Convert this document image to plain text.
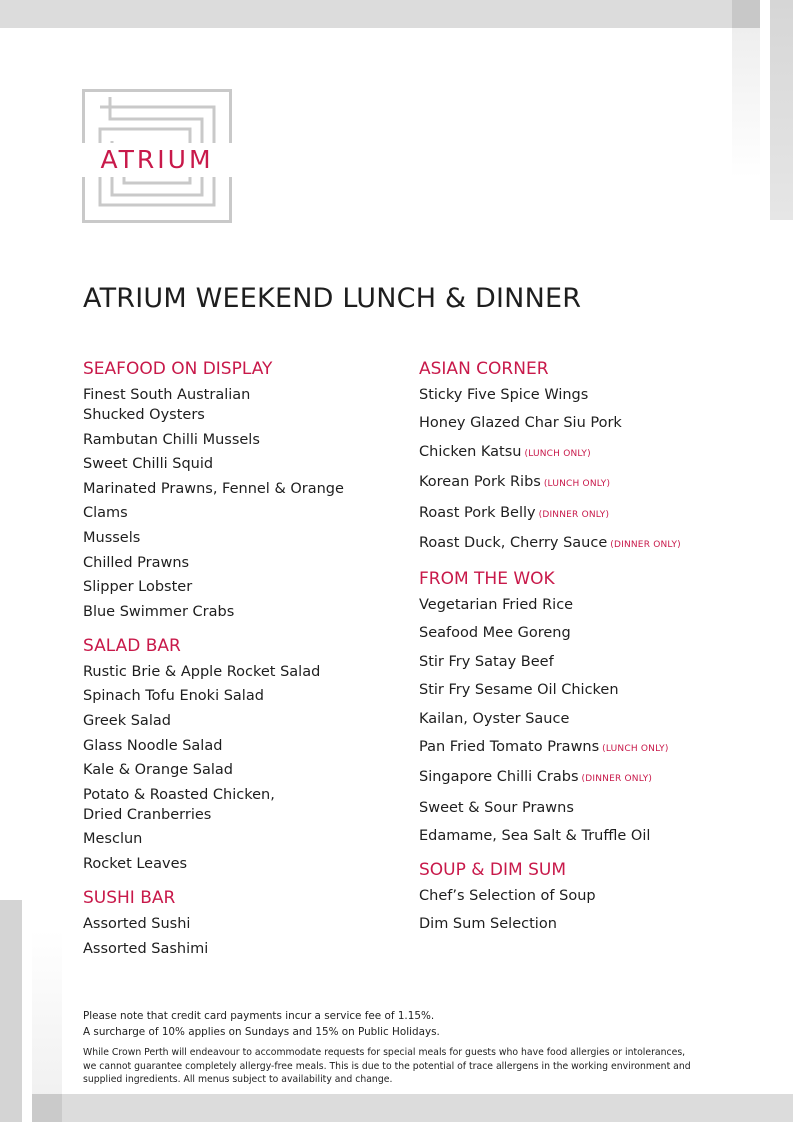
ATRIUM
ATRIUM WEEKEND LUNCH & DINNER
SEAFOOD ON DISPLAY
Finest South Australian
Shucked Oysters
Rambutan Chilli Mussels
Sweet Chilli Squid
Marinated Prawns, Fennel & Orange
Clams
Mussels
Chilled Prawns
Slipper Lobster
Blue Swimmer Crabs
SALAD BAR
Rustic Brie & Apple Rocket Salad
Spinach Tofu Enoki Salad
Greek Salad
Glass Noodle Salad
Kale & Orange Salad
Potato & Roasted Chicken,
Dried Cranberries
Mesclun
Rocket Leaves
SUSHI BAR
Assorted Sushi
Assorted Sashimi
ASIAN CORNER
Sticky Five Spice Wings
Honey Glazed Char Siu Pork
Chicken Katsu (LUNCH ONLY)
Korean Pork Ribs (LUNCH ONLY)
Roast Pork Belly (DINNER ONLY)
Roast Duck, Cherry Sauce (DINNER ONLY)
FROM THE WOK
Vegetarian Fried Rice
Seafood Mee Goreng
Stir Fry Satay Beef
Stir Fry Sesame Oil Chicken
Kailan, Oyster Sauce
Pan Fried Tomato Prawns (LUNCH ONLY)
Singapore Chilli Crabs (DINNER ONLY)
Sweet & Sour Prawns
Edamame, Sea Salt & Truffle Oil
SOUP & DIM SUM
Chef’s Selection of Soup
Dim Sum Selection

Please note that credit card payments incur a service fee of 1.15%.

A surcharge of 10% applies on Sundays and 15% on Public Holidays.

While Crown Perth will endeavour to accommodate requests for special meals for guests who have food allergies or intolerances,
we cannot guarantee completely allergy-free meals. This is due to the potential of trace allergens in the working environment and
supplied ingredients. All menus subject to availability and change.
